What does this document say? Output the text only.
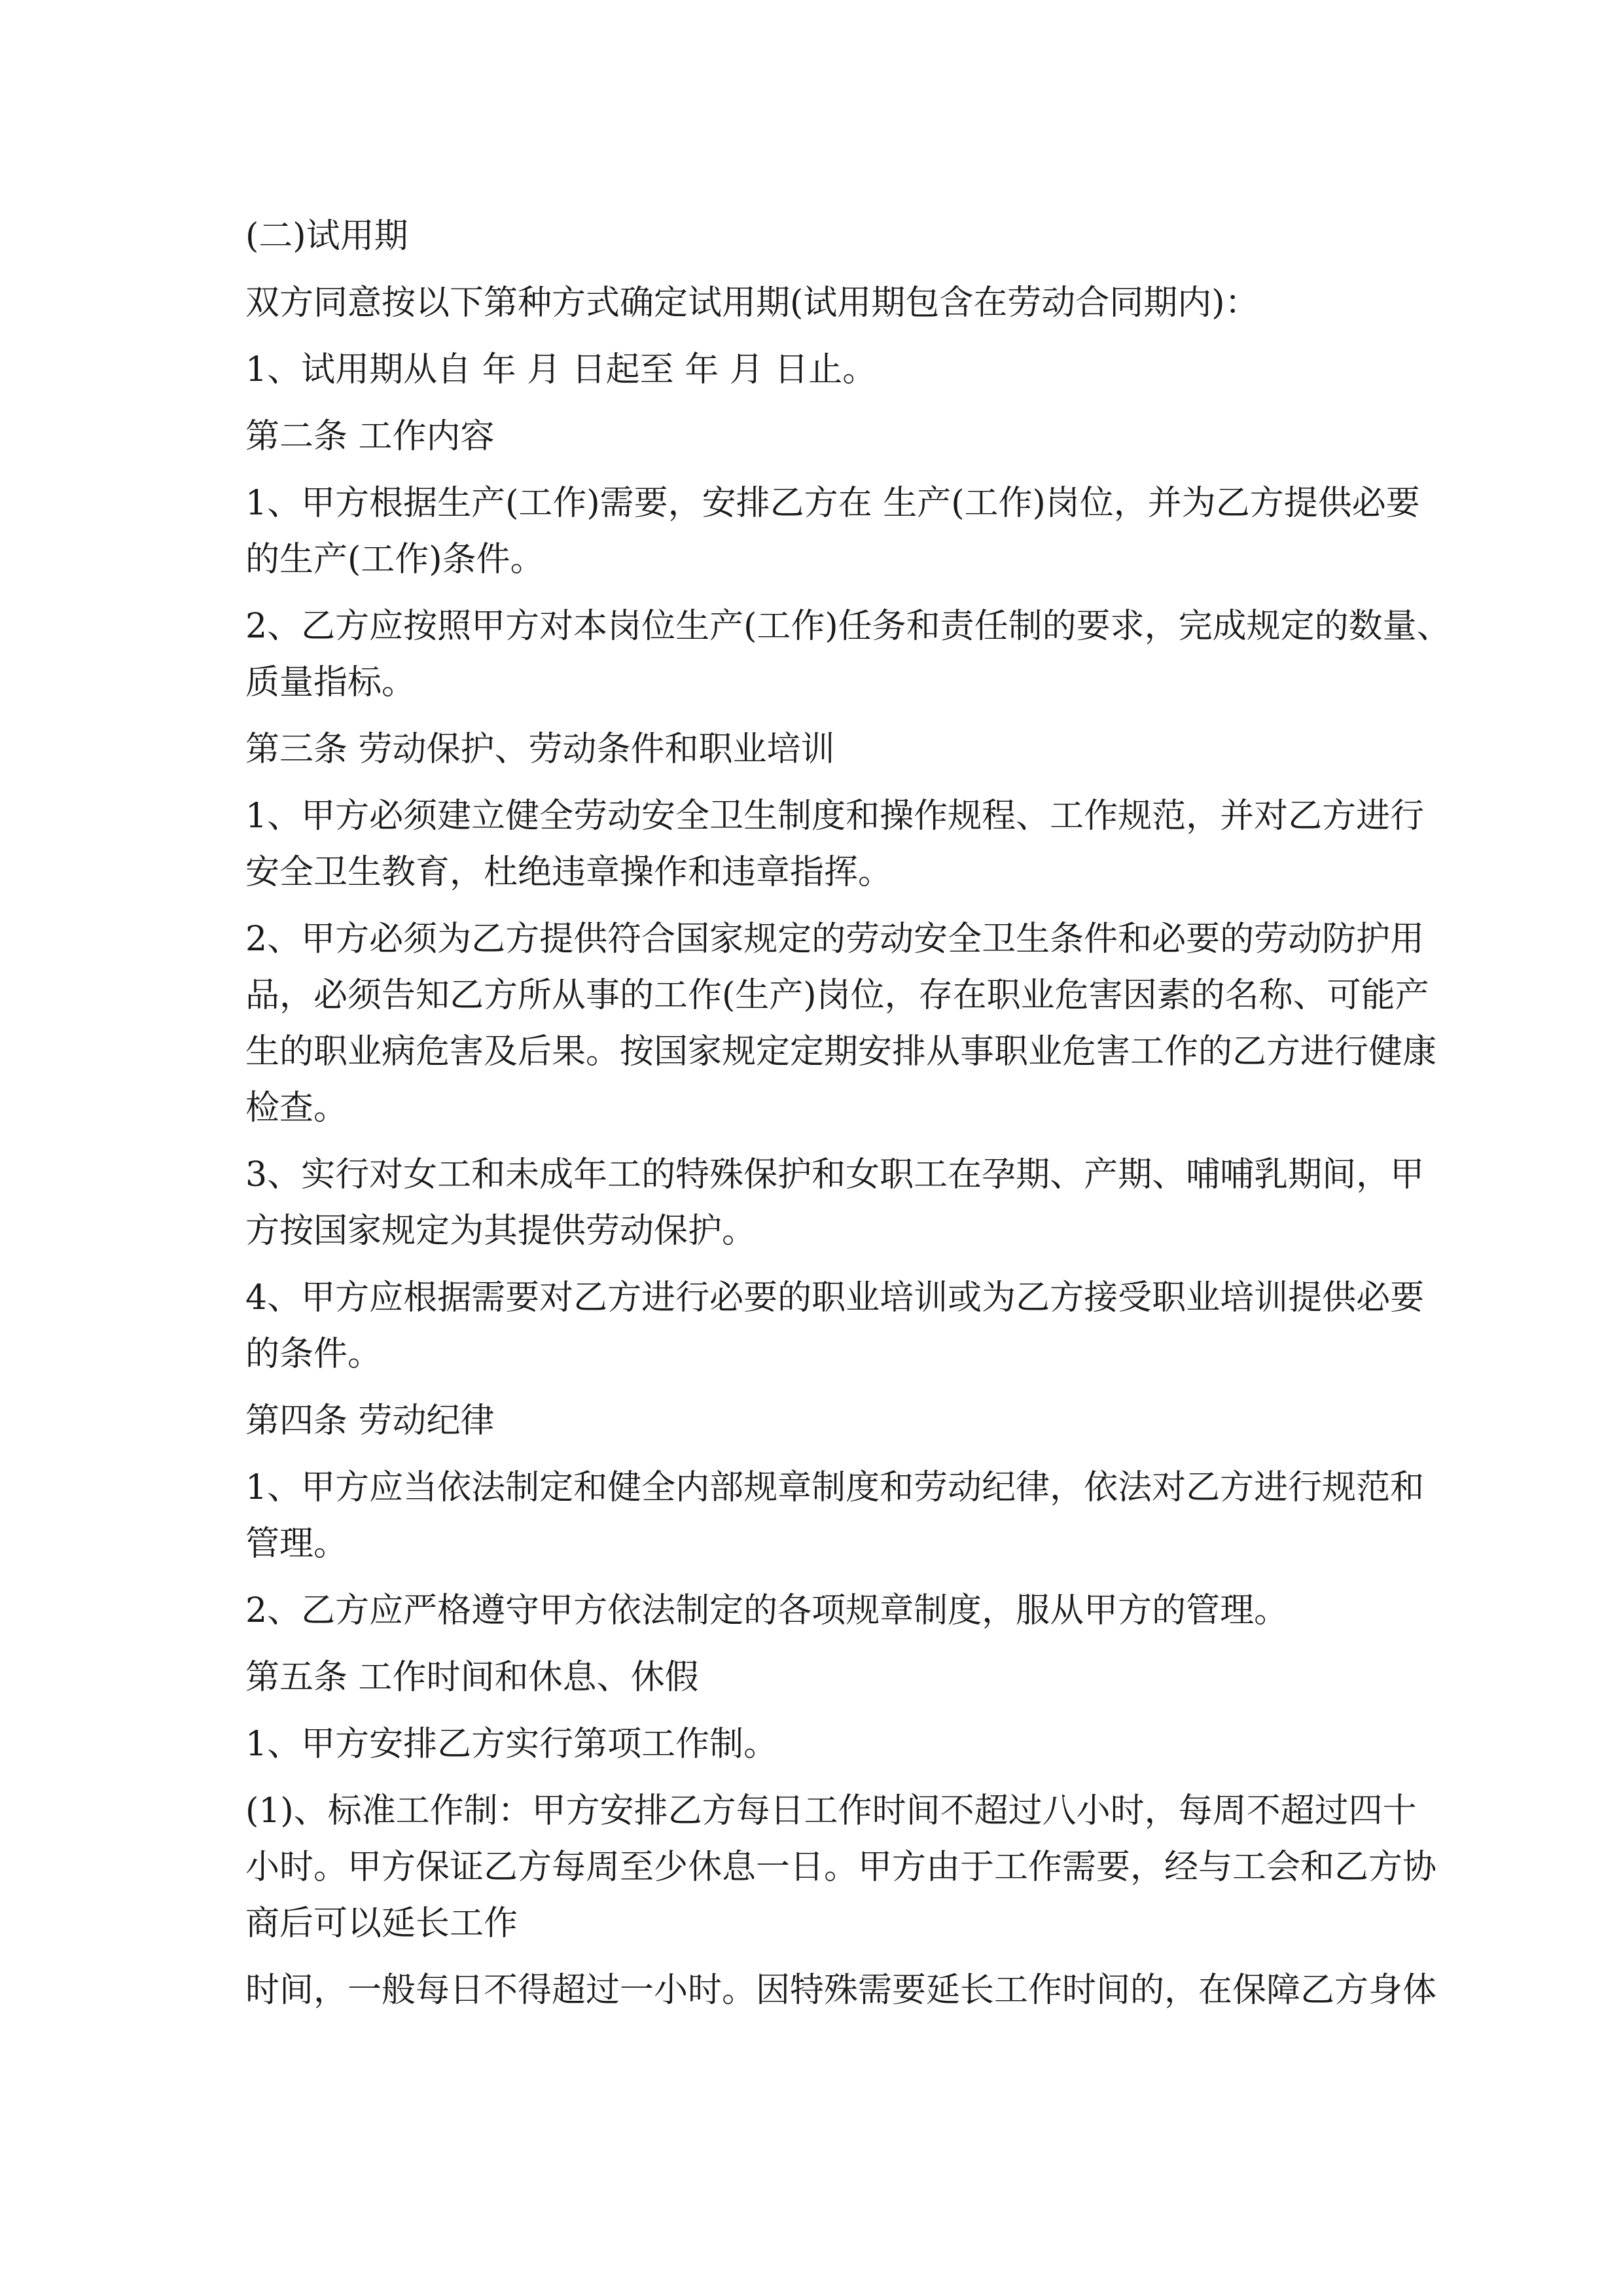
(二)试用期

双方同意按以下第种方式确定试用期(试用期包含在劳动合同期内)：

1、试用期从自 年 月 日起至 年 月 日止。

第二条 工作内容

1、甲方根据生产(工作)需要，安排乙方在 生产(工作)岗位，并为乙方提供必要

的生产(工作)条件。

2、乙方应按照甲方对本岗位生产(工作)任务和责任制的要求，完成规定的数量、

质量指标。

第三条 劳动保护、劳动条件和职业培训

1、甲方必须建立健全劳动安全卫生制度和操作规程、工作规范，并对乙方进行

安全卫生教育，杜绝违章操作和违章指挥。

2、甲方必须为乙方提供符合国家规定的劳动安全卫生条件和必要的劳动防护用

品，必须告知乙方所从事的工作(生产)岗位，存在职业危害因素的名称、可能产

生的职业病危害及后果。按国家规定定期安排从事职业危害工作的乙方进行健康

检查。

3、实行对女工和未成年工的特殊保护和女职工在孕期、产期、哺哺乳期间，甲

方按国家规定为其提供劳动保护。

4、甲方应根据需要对乙方进行必要的职业培训或为乙方接受职业培训提供必要

的条件。

第四条 劳动纪律

1、甲方应当依法制定和健全内部规章制度和劳动纪律，依法对乙方进行规范和

管理。

2、乙方应严格遵守甲方依法制定的各项规章制度，服从甲方的管理。

第五条 工作时间和休息、休假

1、甲方安排乙方实行第项工作制。

(1)、标准工作制：甲方安排乙方每日工作时间不超过八小时，每周不超过四十

小时。甲方保证乙方每周至少休息一日。甲方由于工作需要，经与工会和乙方协

商后可以延长工作

时间，一般每日不得超过一小时。因特殊需要延长工作时间的，在保障乙方身体
